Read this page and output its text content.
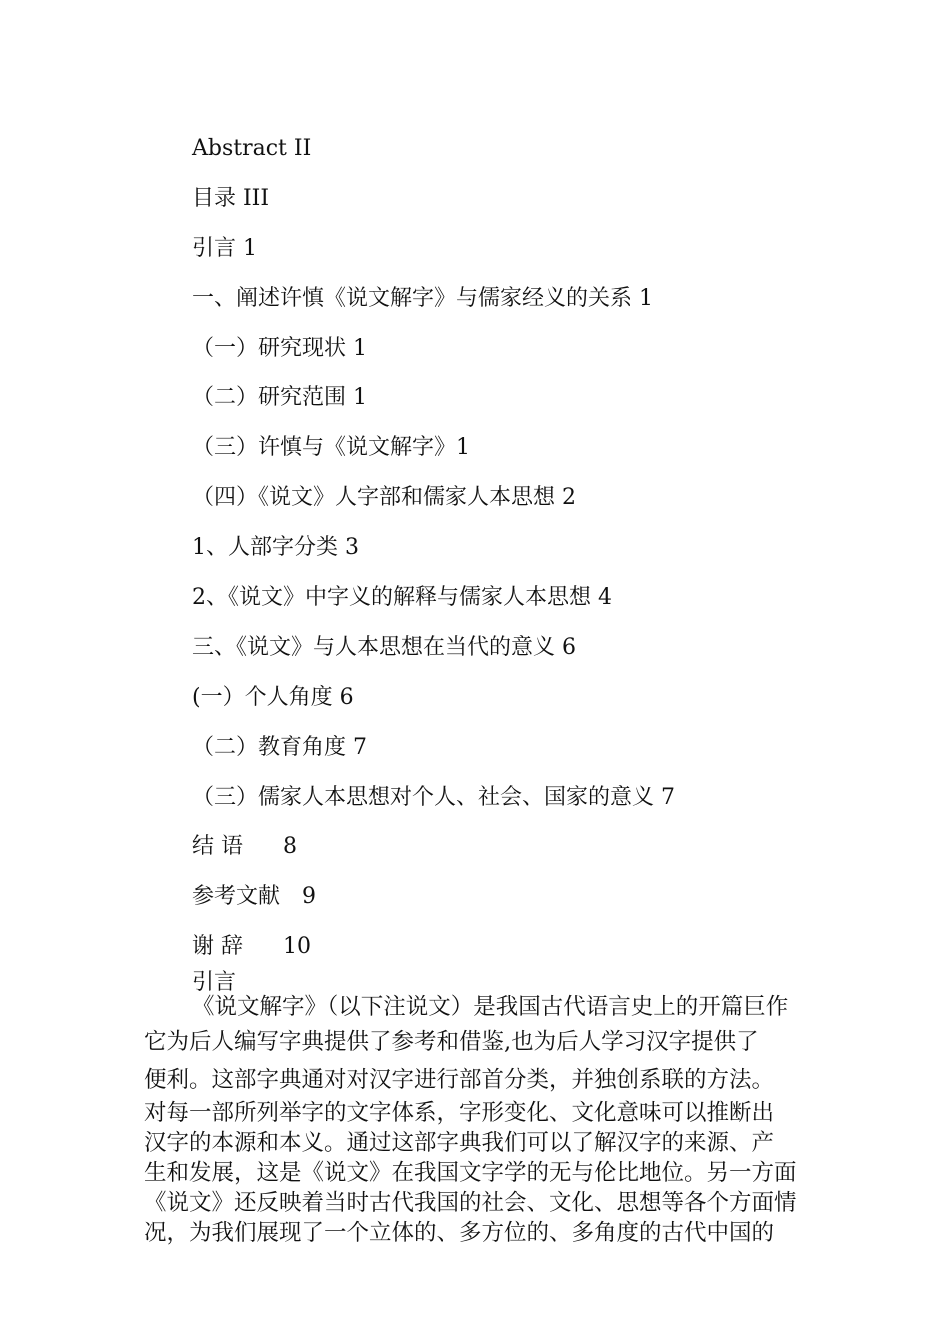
Abstract II
目录 III
引言 1
一、阐述许慎《说文解字》与儒家经义的关系 1
（一）研究现状 1
（二）研究范围 1
（三）许慎与《说文解字》1
（四）《说文》人字部和儒家人本思想 2
1、人部字分类 3
2、《说文》中字义的解释与儒家人本思想 4
三、《说文》与人本思想在当代的意义 6
(一）个人角度 6
（二）教育角度 7
（三）儒家人本思想对个人、社会、国家的意义 7
结 语 8
参考文献 9
谢 辞 10
引言
《说文解字》（以下注说文）是我国古代语言史上的开篇巨作
它为后人编写字典提供了参考和借鉴,也为后人学习汉字提供了
便利。这部字典通对对汉字进行部首分类，并独创系联的方法。
对每一部所列举字的文字体系，字形变化、文化意味可以推断出
汉字的本源和本义。通过这部字典我们可以了解汉字的来源、产
生和发展，这是《说文》在我国文字学的无与伦比地位。另一方面
《说文》还反映着当时古代我国的社会、文化、思想等各个方面情
况，为我们展现了一个立体的、多方位的、多角度的古代中国的
